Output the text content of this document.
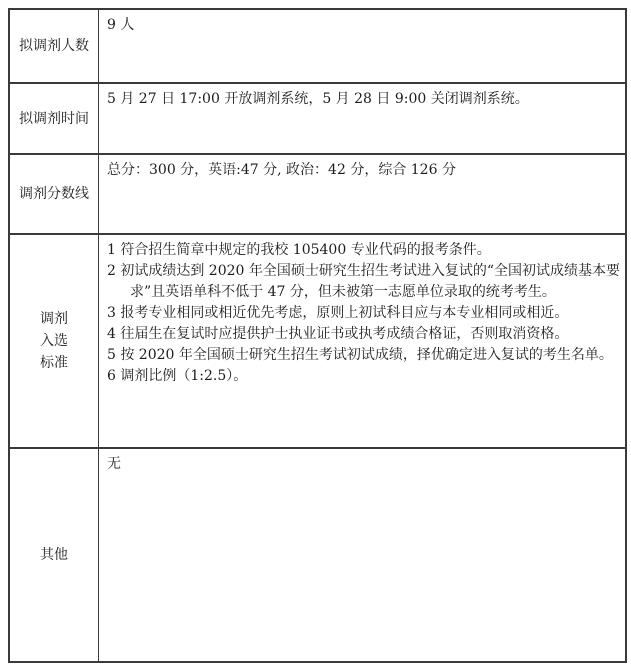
拟调剂人数
9 人
拟调剂时间
5 月 27 日 17:00 开放调剂系统，5 月 28 日 9:00 关闭调剂系统。
调剂分数线
总分：300 分，英语:47 分, 政治：42 分，综合 126 分
调剂
入选
标准
1 符合招生简章中规定的我校 105400 专业代码的报考条件。
2 初试成绩达到 2020 年全国硕士研究生招生考试进入复试的“全国初试成绩基本要求”且英语单科不低于 47 分，但未被第一志愿单位录取的统考考生。
3 报考专业相同或相近优先考虑，原则上初试科目应与本专业相同或相近。
4 往届生在复试时应提供护士执业证书或执考成绩合格证，否则取消资格。
5 按 2020 年全国硕士研究生招生考试初试成绩，择优确定进入复试的考生名单。
6 调剂比例（1:2.5）。
其他
无
